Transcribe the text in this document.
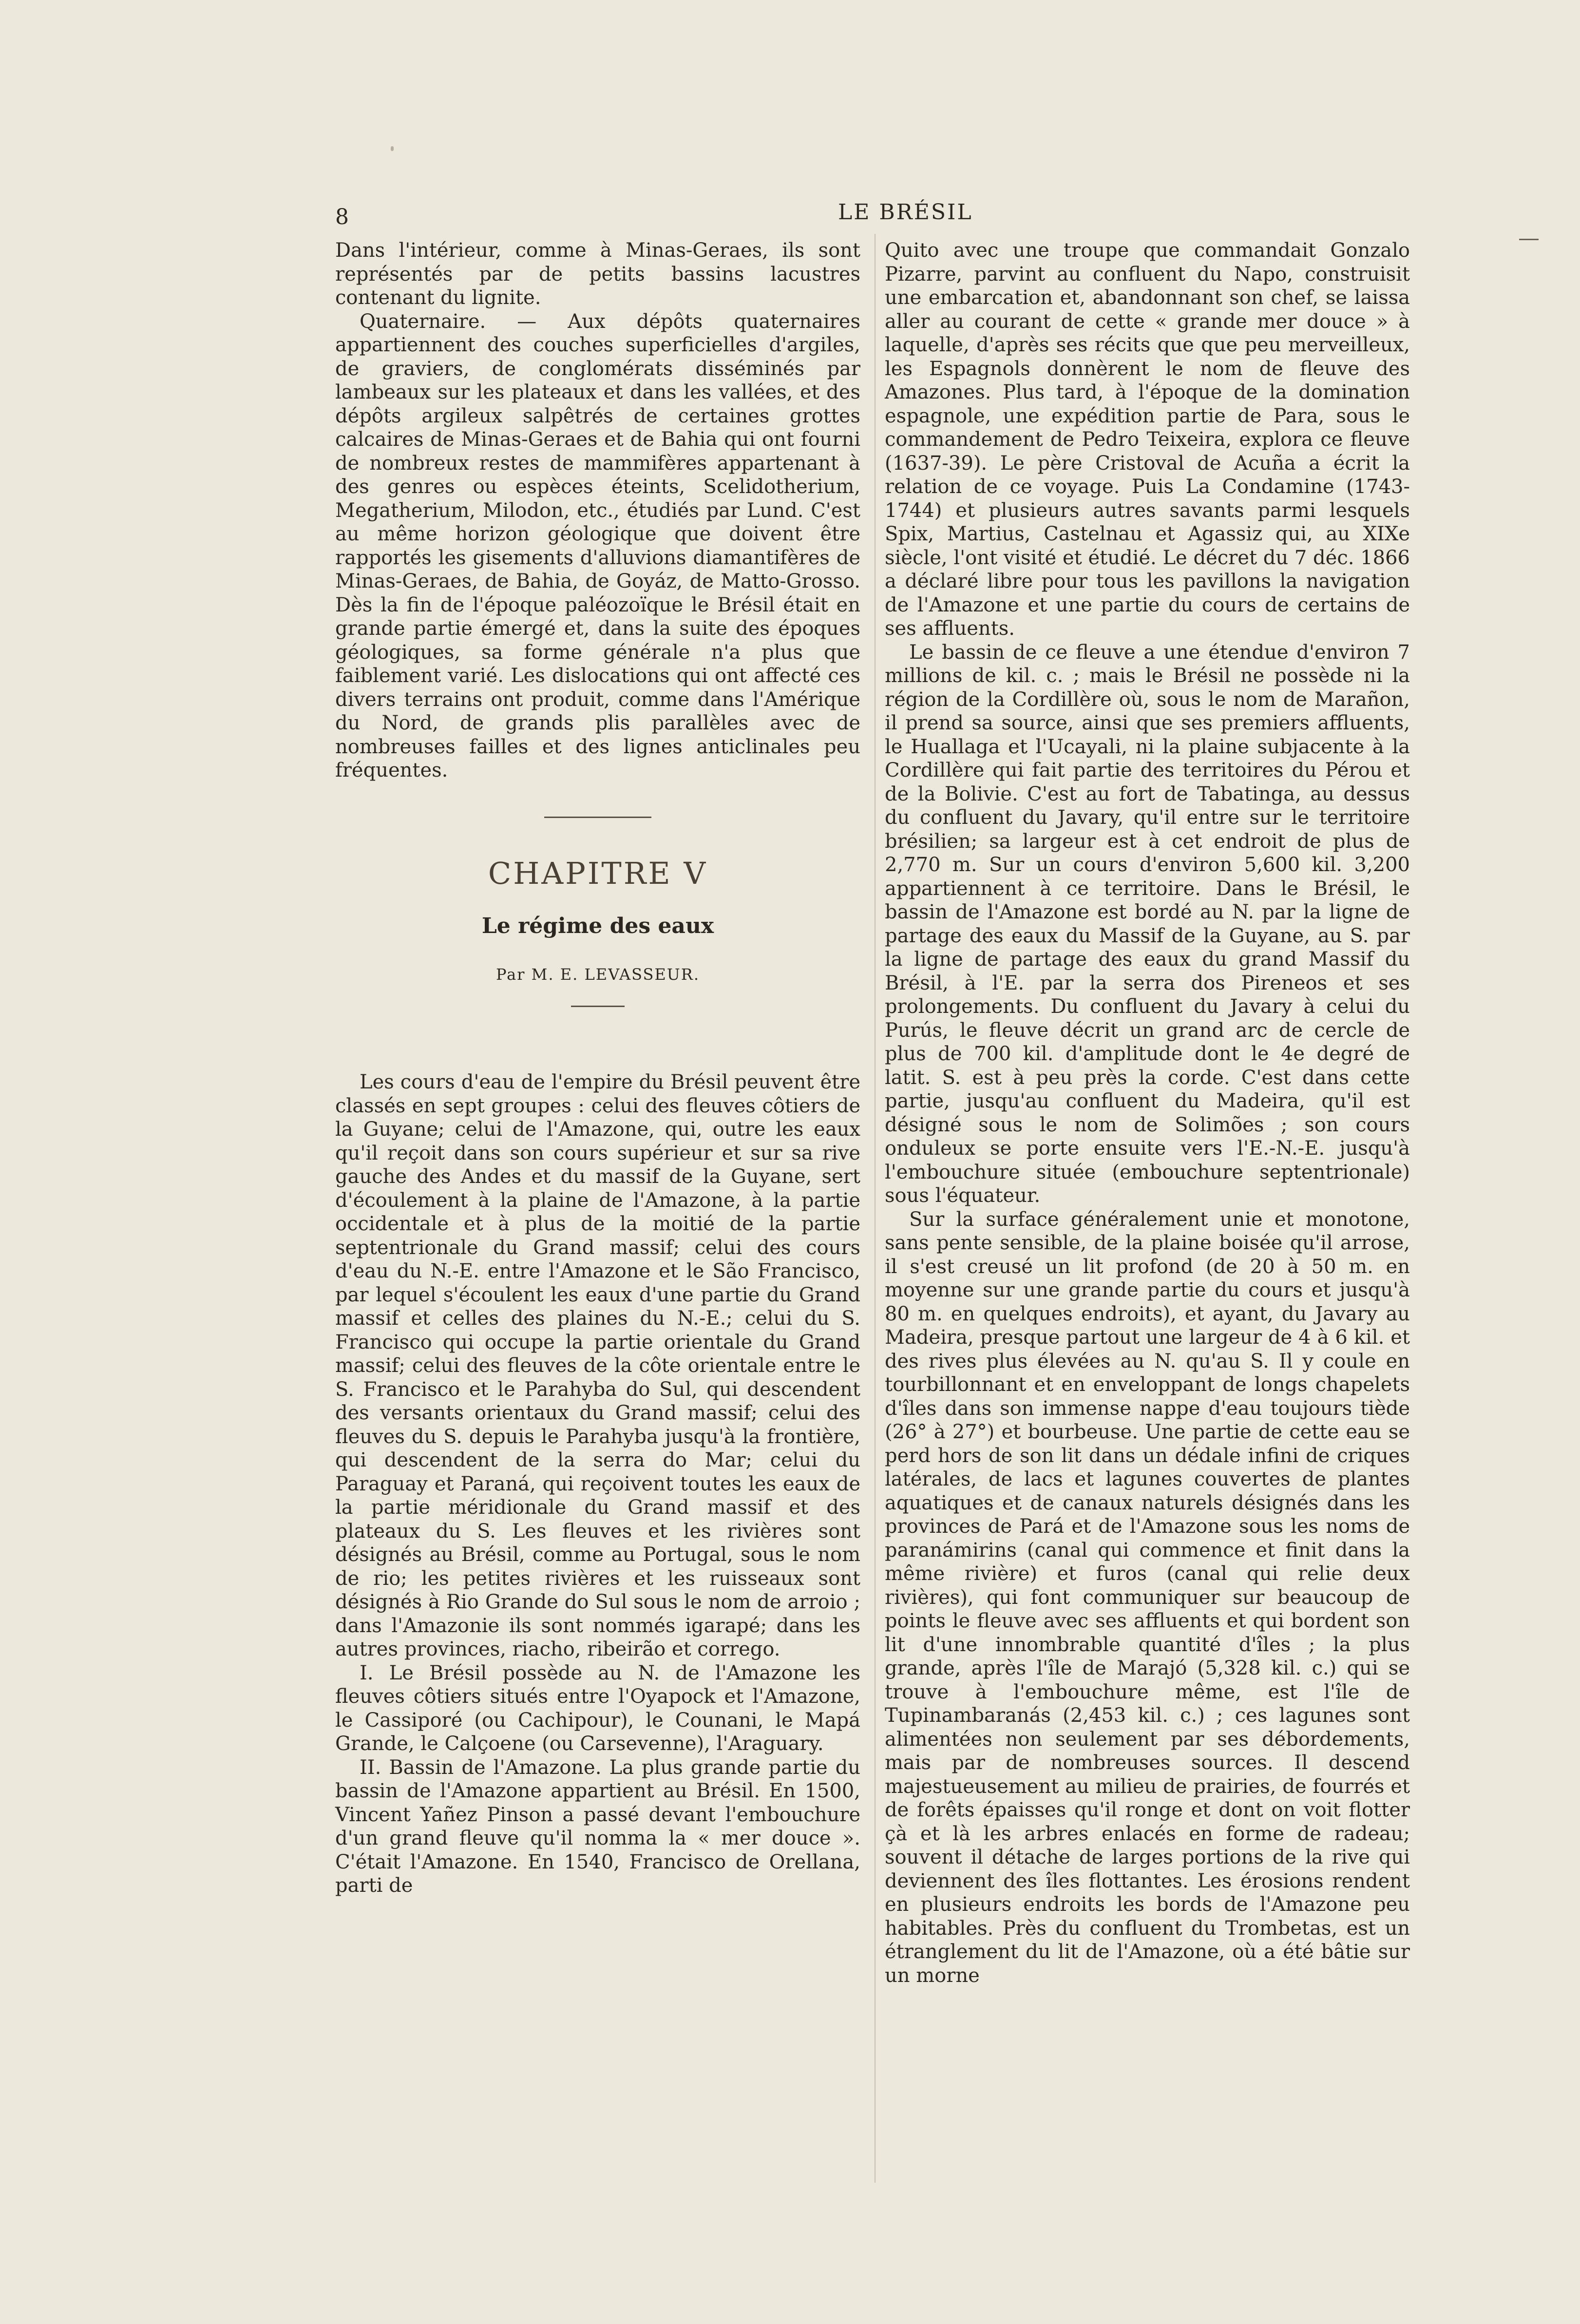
8	LE BRÉSIL

Dans l'intérieur, comme à Minas-Geraes, ils sont représentés par de petits bassins lacustres contenant du lignite.

Quaternaire. — Aux dépôts quaternaires appartiennent des couches superficielles d'argiles, de graviers, de conglomérats disséminés par lambeaux sur les plateaux et dans les vallées, et des dépôts argileux salpêtrés de certaines grottes calcaires de Minas-Geraes et de Bahia qui ont fourni de nombreux restes de mammifères appartenant à des genres ou espèces éteints, Scelidotherium, Megatherium, Milodon, etc., étudiés par Lund. C'est au même horizon géologique que doivent être rapportés les gisements d'alluvions diamantifères de Minas-Geraes, de Bahia, de Goyáz, de Matto-Grosso. Dès la fin de l'époque paléozoïque le Brésil était en grande partie émergé et, dans la suite des époques géologiques, sa forme générale n'a plus que faiblement varié. Les dislocations qui ont affecté ces divers terrains ont produit, comme dans l'Amérique du Nord, de grands plis parallèles avec de nombreuses failles et des lignes anticlinales peu fréquentes.

CHAPITRE V
Le régime des eaux
Par M. E. LEVASSEUR.

Les cours d'eau de l'empire du Brésil peuvent être classés en sept groupes : celui des fleuves côtiers de la Guyane; celui de l'Amazone, qui, outre les eaux qu'il reçoit dans son cours supérieur et sur sa rive gauche des Andes et du massif de la Guyane, sert d'écoulement à la plaine de l'Amazone, à la partie occidentale et à plus de la moitié de la partie septentrionale du Grand massif; celui des cours d'eau du N.-E. entre l'Amazone et le São Francisco, par lequel s'écoulent les eaux d'une partie du Grand massif et celles des plaines du N.-E.; celui du S. Francisco qui occupe la partie orientale du Grand massif; celui des fleuves de la côte orientale entre le S. Francisco et le Parahyba do Sul, qui descendent des versants orientaux du Grand massif; celui des fleuves du S. depuis le Parahyba jusqu'à la frontière, qui descendent de la serra do Mar; celui du Paraguay et Paraná, qui reçoivent toutes les eaux de la partie méridionale du Grand massif et des plateaux du S. Les fleuves et les rivières sont désignés au Brésil, comme au Portugal, sous le nom de rio; les petites rivières et les ruisseaux sont désignés à Rio Grande do Sul sous le nom de arroio ; dans l'Amazonie ils sont nommés igarapé; dans les autres provinces, riacho, ribeirão et corrego.

I. Le Brésil possède au N. de l'Amazone les fleuves côtiers situés entre l'Oyapock et l'Amazone, le Cassiporé (ou Cachipour), le Counani, le Mapá Grande, le Calçoene (ou Carsevenne), l'Araguary.

II. Bassin de l'Amazone. La plus grande partie du bassin de l'Amazone appartient au Brésil. En 1500, Vincent Yañez Pinson a passé devant l'embouchure d'un grand fleuve qu'il nomma la « mer douce ». C'était l'Amazone. En 1540, Francisco de Orellana, parti de

Quito avec une troupe que commandait Gonzalo Pizarre, parvint au confluent du Napo, construisit une embarcation et, abandonnant son chef, se laissa aller au courant de cette « grande mer douce » à laquelle, d'après ses récits que que peu merveilleux, les Espagnols donnèrent le nom de fleuve des Amazones. Plus tard, à l'époque de la domination espagnole, une expédition partie de Para, sous le commandement de Pedro Teixeira, explora ce fleuve (1637-39). Le père Cristoval de Acuña a écrit la relation de ce voyage. Puis La Condamine (1743-1744) et plusieurs autres savants parmi lesquels Spix, Martius, Castelnau et Agassiz qui, au XIXe siècle, l'ont visité et étudié. Le décret du 7 déc. 1866 a déclaré libre pour tous les pavillons la navigation de l'Amazone et une partie du cours de certains de ses affluents.

Le bassin de ce fleuve a une étendue d'environ 7 millions de kil. c. ; mais le Brésil ne possède ni la région de la Cordillère où, sous le nom de Marañon, il prend sa source, ainsi que ses premiers affluents, le Huallaga et l'Ucayali, ni la plaine subjacente à la Cordillère qui fait partie des territoires du Pérou et de la Bolivie. C'est au fort de Tabatinga, au dessus du confluent du Javary, qu'il entre sur le territoire brésilien; sa largeur est à cet endroit de plus de 2,770 m. Sur un cours d'environ 5,600 kil. 3,200 appartiennent à ce territoire. Dans le Brésil, le bassin de l'Amazone est bordé au N. par la ligne de partage des eaux du Massif de la Guyane, au S. par la ligne de partage des eaux du grand Massif du Brésil, à l'E. par la serra dos Pireneos et ses prolongements. Du confluent du Javary à celui du Purús, le fleuve décrit un grand arc de cercle de plus de 700 kil. d'amplitude dont le 4e degré de latit. S. est à peu près la corde. C'est dans cette partie, jusqu'au confluent du Madeira, qu'il est désigné sous le nom de Solimões ; son cours onduleux se porte ensuite vers l'E.-N.-E. jusqu'à l'embouchure située (embouchure septentrionale) sous l'équateur.

Sur la surface généralement unie et monotone, sans pente sensible, de la plaine boisée qu'il arrose, il s'est creusé un lit profond (de 20 à 50 m. en moyenne sur une grande partie du cours et jusqu'à 80 m. en quelques endroits), et ayant, du Javary au Madeira, presque partout une largeur de 4 à 6 kil. et des rives plus élevées au N. qu'au S. Il y coule en tourbillonnant et en enveloppant de longs chapelets d'îles dans son immense nappe d'eau toujours tiède (26° à 27°) et bourbeuse. Une partie de cette eau se perd hors de son lit dans un dédale infini de criques latérales, de lacs et lagunes couvertes de plantes aquatiques et de canaux naturels désignés dans les provinces de Pará et de l'Amazone sous les noms de paranámirins (canal qui commence et finit dans la même rivière) et furos (canal qui relie deux rivières), qui font communiquer sur beaucoup de points le fleuve avec ses affluents et qui bordent son lit d'une innombrable quantité d'îles ; la plus grande, après l'île de Marajó (5,328 kil. c.) qui se trouve à l'embouchure même, est l'île de Tupinambaranás (2,453 kil. c.) ; ces lagunes sont alimentées non seulement par ses débordements, mais par de nombreuses sources. Il descend majestueusement au milieu de prairies, de fourrés et de forêts épaisses qu'il ronge et dont on voit flotter çà et là les arbres enlacés en forme de radeau; souvent il détache de larges portions de la rive qui deviennent des îles flottantes. Les érosions rendent en plusieurs endroits les bords de l'Amazone peu habitables. Près du confluent du Trombetas, est un étranglement du lit de l'Amazone, où a été bâtie sur un morne
